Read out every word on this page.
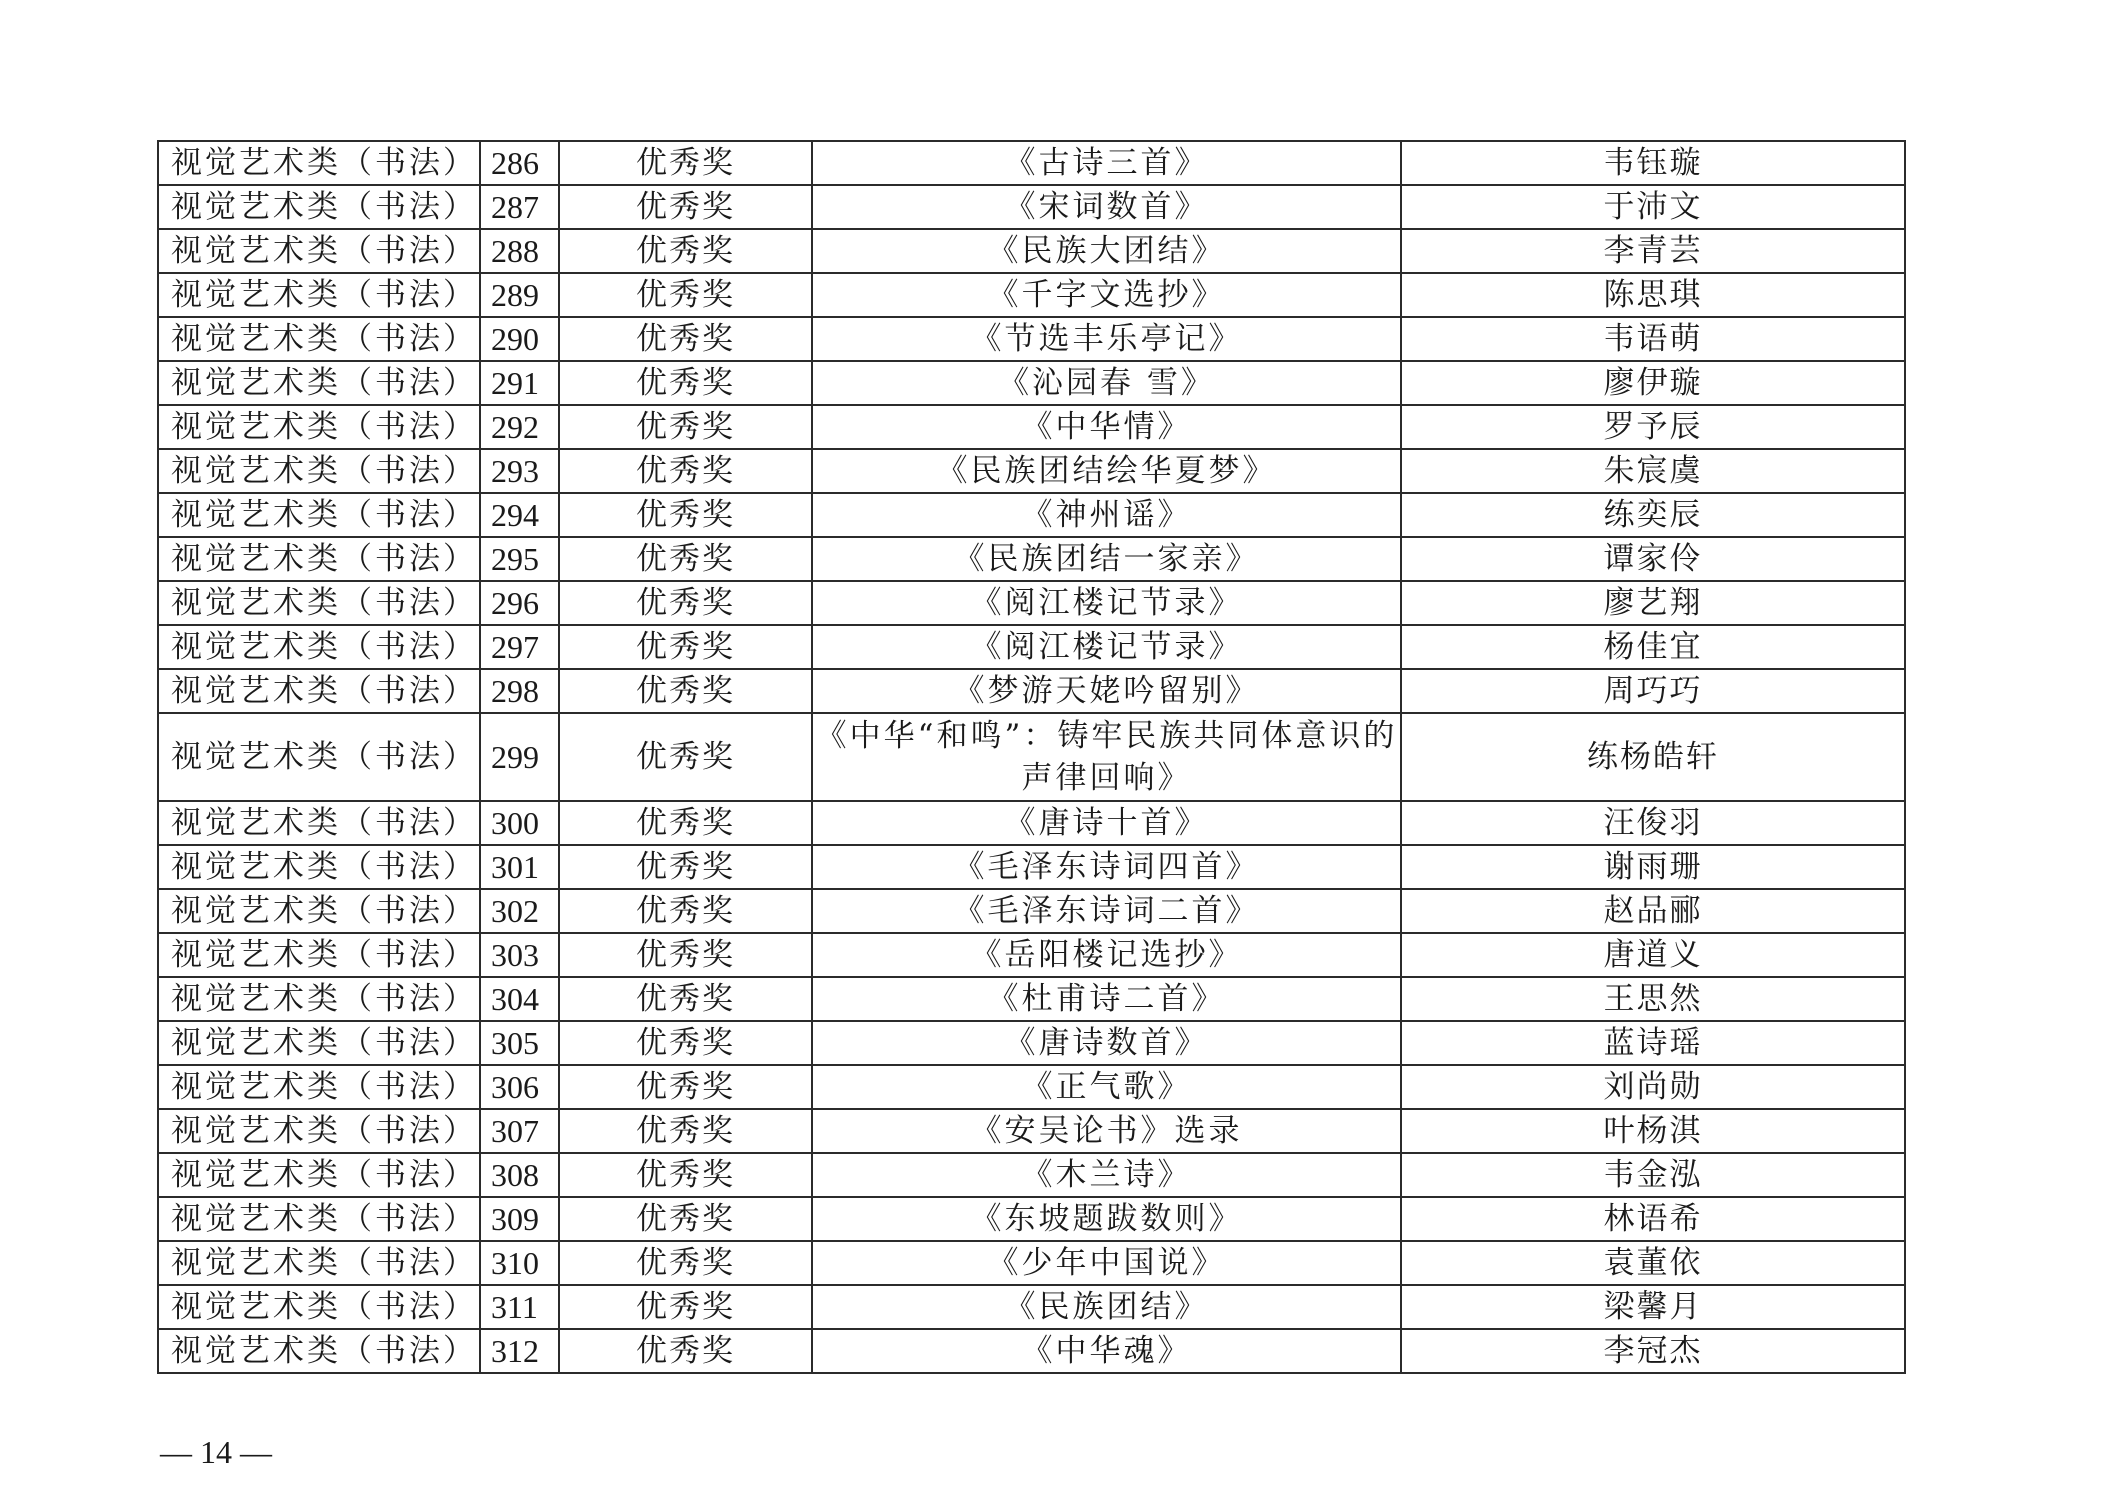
视觉艺术类（书法）	286	优秀奖	《古诗三首》	韦钰璇
视觉艺术类（书法）	287	优秀奖	《宋词数首》	于沛文
视觉艺术类（书法）	288	优秀奖	《民族大团结》	李青芸
视觉艺术类（书法）	289	优秀奖	《千字文选抄》	陈思琪
视觉艺术类（书法）	290	优秀奖	《节选丰乐亭记》	韦语萌
视觉艺术类（书法）	291	优秀奖	《沁园春 雪》	廖伊璇
视觉艺术类（书法）	292	优秀奖	《中华情》	罗予辰
视觉艺术类（书法）	293	优秀奖	《民族团结绘华夏梦》	朱宸虞
视觉艺术类（书法）	294	优秀奖	《神州谣》	练奕辰
视觉艺术类（书法）	295	优秀奖	《民族团结一家亲》	谭家伶
视觉艺术类（书法）	296	优秀奖	《阅江楼记节录》	廖艺翔
视觉艺术类（书法）	297	优秀奖	《阅江楼记节录》	杨佳宜
视觉艺术类（书法）	298	优秀奖	《梦游天姥吟留别》	周巧巧
视觉艺术类（书法）	299	优秀奖	《中华“和鸣”：铸牢民族共同体意识的声律回响》	练杨皓轩
视觉艺术类（书法）	300	优秀奖	《唐诗十首》	汪俊羽
视觉艺术类（书法）	301	优秀奖	《毛泽东诗词四首》	谢雨珊
视觉艺术类（书法）	302	优秀奖	《毛泽东诗词二首》	赵品郦
视觉艺术类（书法）	303	优秀奖	《岳阳楼记选抄》	唐道义
视觉艺术类（书法）	304	优秀奖	《杜甫诗二首》	王思然
视觉艺术类（书法）	305	优秀奖	《唐诗数首》	蓝诗瑶
视觉艺术类（书法）	306	优秀奖	《正气歌》	刘尚勋
视觉艺术类（书法）	307	优秀奖	《安吴论书》选录	叶杨淇
视觉艺术类（书法）	308	优秀奖	《木兰诗》	韦金泓
视觉艺术类（书法）	309	优秀奖	《东坡题跋数则》	林语希
视觉艺术类（书法）	310	优秀奖	《少年中国说》	袁董依
视觉艺术类（书法）	311	优秀奖	《民族团结》	梁馨月
视觉艺术类（书法）	312	优秀奖	《中华魂》	李冠杰
— 14 —
